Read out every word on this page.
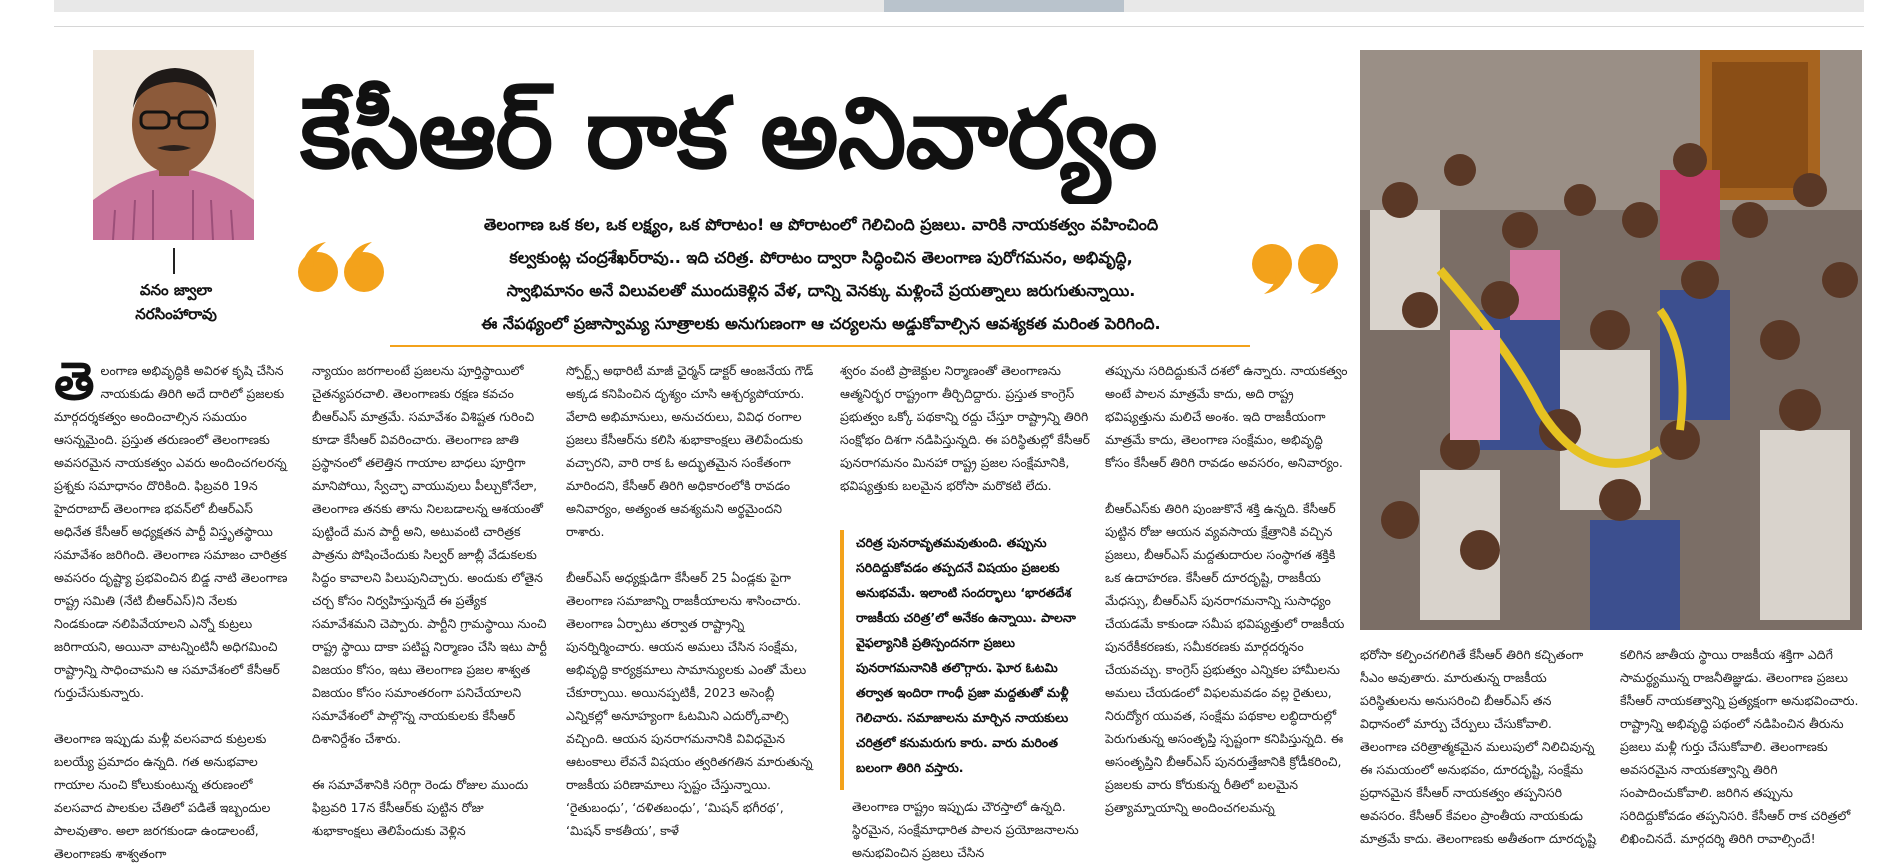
వనం జ్వాలా
నరసింహారావు
కేసీఆర్ రాక అనివార్యం
తెలంగాణ ఒక కల, ఒక లక్ష్యం, ఒక పోరాటం! ఆ పోరాటంలో గెలిచింది ప్రజలు. వారికి నాయకత్వం వహించింది
కల్వకుంట్ల చంద్రశేఖర్‌రావు.. ఇది చరిత్ర. పోరాటం ద్వారా సిద్ధించిన తెలంగాణ పురోగమనం, అభివృద్ధి,
స్వాభిమానం అనే విలువలతో ముందుకెళ్లిన వేళ, దాన్ని వెనక్కు మళ్లించే ప్రయత్నాలు జరుగుతున్నాయి.
ఈ నేపథ్యంలో ప్రజాస్వామ్య సూత్రాలకు అనుగుణంగా ఆ చర్యలను అడ్డుకోవాల్సిన ఆవశ్యకత మరింత పెరిగింది.

తెలంగాణ అభివృద్ధికి అవిరళ కృషి చేసిన నాయకుడు తిరిగి అదే దారిలో ప్రజలకు మార్గదర్శకత్వం అందించాల్సిన సమయం ఆసన్నమైంది. ప్రస్తుత తరుణంలో తెలంగాణకు అవసరమైన నాయకత్వం ఎవరు అందించగలరన్న ప్రశ్నకు సమాధానం దొరికింది. ఫిబ్రవరి 19న హైదరాబాద్ తెలంగాణ భవన్‌లో బీఆర్ఎస్ అధినేత కేసీఆర్ అధ్యక్షతన పార్టీ విస్తృతస్థాయి సమావేశం జరిగింది. తెలంగాణ సమాజం చారిత్రక అవసరం దృష్ట్యా ప్రభవించిన బిడ్డ నాటి తెలంగాణ రాష్ట్ర సమితి (నేటి బీఆర్ఎస్)ని నేలకు నిండకుండా నలిపివేయాలని ఎన్నో కుట్రలు జరిగాయని, అయినా వాటన్నింటినీ అధిగమించి రాష్ట్రాన్ని సాధించామని ఆ సమావేశంలో కేసీఆర్ గుర్తుచేసుకున్నారు.

తెలంగాణ ఇప్పుడు మళ్లీ వలసవాద కుట్రలకు బలయ్యే ప్రమాదం ఉన్నది. గత అనుభవాల గాయాల నుంచి కోలుకుంటున్న తరుణంలో వలసవాద పాలకుల చేతిలో పడితే ఇబ్బందుల పాలవుతాం. అలా జరగకుండా ఉండాలంటే, తెలంగాణకు శాశ్వతంగా

న్యాయం జరగాలంటే ప్రజలను పూర్తిస్థాయిలో చైతన్యపరచాలి. తెలంగాణకు రక్షణ కవచం బీఆర్ఎస్ మాత్రమే. సమావేశం విశిష్టత గురించి కూడా కేసీఆర్ వివరించారు. తెలంగాణ జాతి ప్రస్థానంలో తలెత్తిన గాయాల బాధలు పూర్తిగా మానిపోయి, స్వేచ్ఛా వాయువులు పీల్చుకోనేలా, తెలంగాణ తనకు తాను నిలబడాలన్న ఆశయంతో పుట్టిందే మన పార్టీ అని, అటువంటి చారిత్రక పాత్రను పోషించేందుకు సిల్వర్ జూబ్లీ వేడుకలకు సిద్ధం కావాలని పిలుపునిచ్చారు. అందుకు లోతైన చర్చ కోసం నిర్వహిస్తున్నదే ఈ ప్రత్యేక సమావేశమని చెప్పారు. పార్టీని గ్రామస్థాయి నుంచి రాష్ట్ర స్థాయి దాకా పటిష్ట నిర్మాణం చేసి ఇటు పార్టీ విజయం కోసం, ఇటు తెలంగాణ ప్రజల శాశ్వత విజయం కోసం సమాంతరంగా పనిచేయాలని సమావేశంలో పాల్గొన్న నాయకులకు కేసీఆర్ దిశానిర్దేశం చేశారు.

ఈ సమావేశానికి సరిగ్గా రెండు రోజుల ముందు ఫిబ్రవరి 17న కేసీఆర్‌కు పుట్టిన రోజు శుభాకాంక్షలు తెలిపేందుకు వెళ్లిన

స్పోర్ట్స్ అథారిటీ మాజీ ఛైర్మన్ డాక్టర్ ఆంజనేయ గౌడ్ అక్కడ కనిపించిన దృశ్యం చూసి ఆశ్చర్యపోయారు. వేలాది అభిమానులు, అనుచరులు, వివిధ రంగాల ప్రజలు కేసీఆర్‌ను కలిసి శుభాకాంక్షలు తెలిపేందుకు వచ్చారని, వారి రాక ఓ అద్భుతమైన సంకేతంగా మారిందని, కేసీఆర్ తిరిగి అధికారంలోకి రావడం అనివార్యం, అత్యంత ఆవశ్యమని అర్థమైందని రాశారు.

బీఆర్ఎస్ అధ్యక్షుడిగా కేసీఆర్ 25 ఏండ్లకు పైగా తెలంగాణ సమాజాన్ని రాజకీయాలను శాసించారు. తెలంగాణ ఏర్పాటు తర్వాత రాష్ట్రాన్ని పునర్నిర్మించారు. ఆయన అమలు చేసిన సంక్షేమ, అభివృద్ధి కార్యక్రమాలు సామాన్యులకు ఎంతో మేలు చేకూర్చాయి. అయినప్పటికీ, 2023 అసెంబ్లీ ఎన్నికల్లో అనూహ్యంగా ఓటమిని ఎదుర్కోవాల్సి వచ్చింది. ఆయన పునరాగమనానికి వివిధమైన ఆటంకాలు లేవనే విషయం త్వరితగతిన మారుతున్న రాజకీయ పరిణామాలు స్పష్టం చేస్తున్నాయి. ‘రైతుబంధు’, ‘దళితబంధు’, ‘మిషన్ భగీరథ’, ‘మిషన్ కాకతీయ’, కాళే

శ్వరం వంటి ప్రాజెక్టుల నిర్మాణంతో తెలంగాణను ఆత్మనిర్భర రాష్ట్రంగా తీర్చిదిద్దారు. ప్రస్తుత కాంగ్రెస్ ప్రభుత్వం ఒక్కో పథకాన్ని రద్దు చేస్తూ రాష్ట్రాన్ని తిరిగి సంక్షోభం దిశగా నడిపిస్తున్నది. ఈ పరిస్థితుల్లో కేసీఆర్ పునరాగమనం మినహా రాష్ట్ర ప్రజల సంక్షేమానికి, భవిష్యత్తుకు బలమైన భరోసా మరొకటి లేదు.

చరిత్ర పునరావృతమవుతుంది. తప్పును సరిదిద్దుకోవడం తప్పదనే విషయం ప్రజలకు అనుభవమే. ఇలాంటి సందర్భాలు ‘భారతదేశ రాజకీయ చరిత్ర’లో అనేకం ఉన్నాయి. పాలనా వైఫల్యానికి ప్రతిస్పందనగా ప్రజలు పునరాగమనానికి తలొగ్గారు. ఘోర ఓటమి తర్వాత ఇందిరా గాంధీ ప్రజా మద్దతుతో మళ్లీ గెలిచారు. సమాజాలను మార్చిన నాయకులు చరిత్రలో కనుమరుగు కారు. వారు మరింత బలంగా తిరిగి వస్తారు.

తెలంగాణ రాష్ట్రం ఇప్పుడు చౌరస్తాలో ఉన్నది. స్థిరమైన, సంక్షేమాధారిత పాలన ప్రయోజనాలను అనుభవించిన ప్రజలు చేసిన

తప్పును సరిదిద్దుకునే దశలో ఉన్నారు. నాయకత్వం అంటే పాలన మాత్రమే కాదు, అది రాష్ట్ర భవిష్యత్తును మలిచే అంశం. ఇది రాజకీయంగా మాత్రమే కాదు, తెలంగాణ సంక్షేమం, అభివృద్ధి కోసం కేసీఆర్ తిరిగి రావడం అవసరం, అనివార్యం.

బీఆర్ఎస్‌కు తిరిగి పుంజుకొనే శక్తి ఉన్నది. కేసీఆర్ పుట్టిన రోజు ఆయన వ్యవసాయ క్షేత్రానికి వచ్చిన ప్రజలు, బీఆర్ఎస్ మద్దతుదారుల సంస్థాగత శక్తికి ఒక ఉదాహరణ. కేసీఆర్ దూరదృష్టి, రాజకీయ మేధస్సు, బీఆర్ఎస్ పునరాగమనాన్ని సుసాధ్యం చేయడమే కాకుండా సమీప భవిష్యత్తులో రాజకీయ పునరేకీకరణకు, సమీకరణకు మార్గదర్శనం చేయవచ్చు. కాంగ్రెస్ ప్రభుత్వం ఎన్నికల హామీలను అమలు చేయడంలో విఫలమవడం వల్ల రైతులు, నిరుద్యోగ యువత, సంక్షేమ పథకాల లబ్ధిదారుల్లో పెరుగుతున్న అసంతృప్తి స్పష్టంగా కనిపిస్తున్నది. ఈ అసంతృప్తిని బీఆర్ఎస్ పునరుత్తేజానికి క్రోడీకరించి, ప్రజలకు వారు కోరుకున్న రీతిలో బలమైన ప్రత్యామ్నాయాన్ని అందించగలమన్న

భరోసా కల్పించగలిగితే కేసీఆర్ తిరిగి కచ్చితంగా సీఎం అవుతారు. మారుతున్న రాజకీయ పరిస్థితులను అనుసరించి బీఆర్ఎస్ తన విధానంలో మార్పు చేర్పులు చేసుకోవాలి. తెలంగాణ చరిత్రాత్మకమైన మలుపులో నిలిచివున్న ఈ సమయంలో అనుభవం, దూరదృష్టి, సంక్షేమ ప్రధానమైన కేసీఆర్ నాయకత్వం తప్పనిసరి అవసరం. కేసీఆర్ కేవలం ప్రాంతీయ నాయకుడు మాత్రమే కాదు. తెలంగాణకు అతీతంగా దూరదృష్టి

కలిగిన జాతీయ స్థాయి రాజకీయ శక్తిగా ఎదిగే సామర్థ్యమున్న రాజనీతిజ్ఞుడు. తెలంగాణ ప్రజలు కేసీఆర్ నాయకత్వాన్ని ప్రత్యక్షంగా అనుభవించారు. రాష్ట్రాన్ని అభివృద్ధి పథంలో నడిపించిన తీరును ప్రజలు మళ్లీ గుర్తు చేసుకోవాలి. తెలంగాణకు అవసరమైన నాయకత్వాన్ని తిరిగి సంపాదించుకోవాలి. జరిగిన తప్పును సరిదిద్దుకోవడం తప్పనిసరి. కేసీఆర్ రాక చరిత్రలో లిఖించినదే. మార్గదర్శి తిరిగి రావాల్సిందే!
